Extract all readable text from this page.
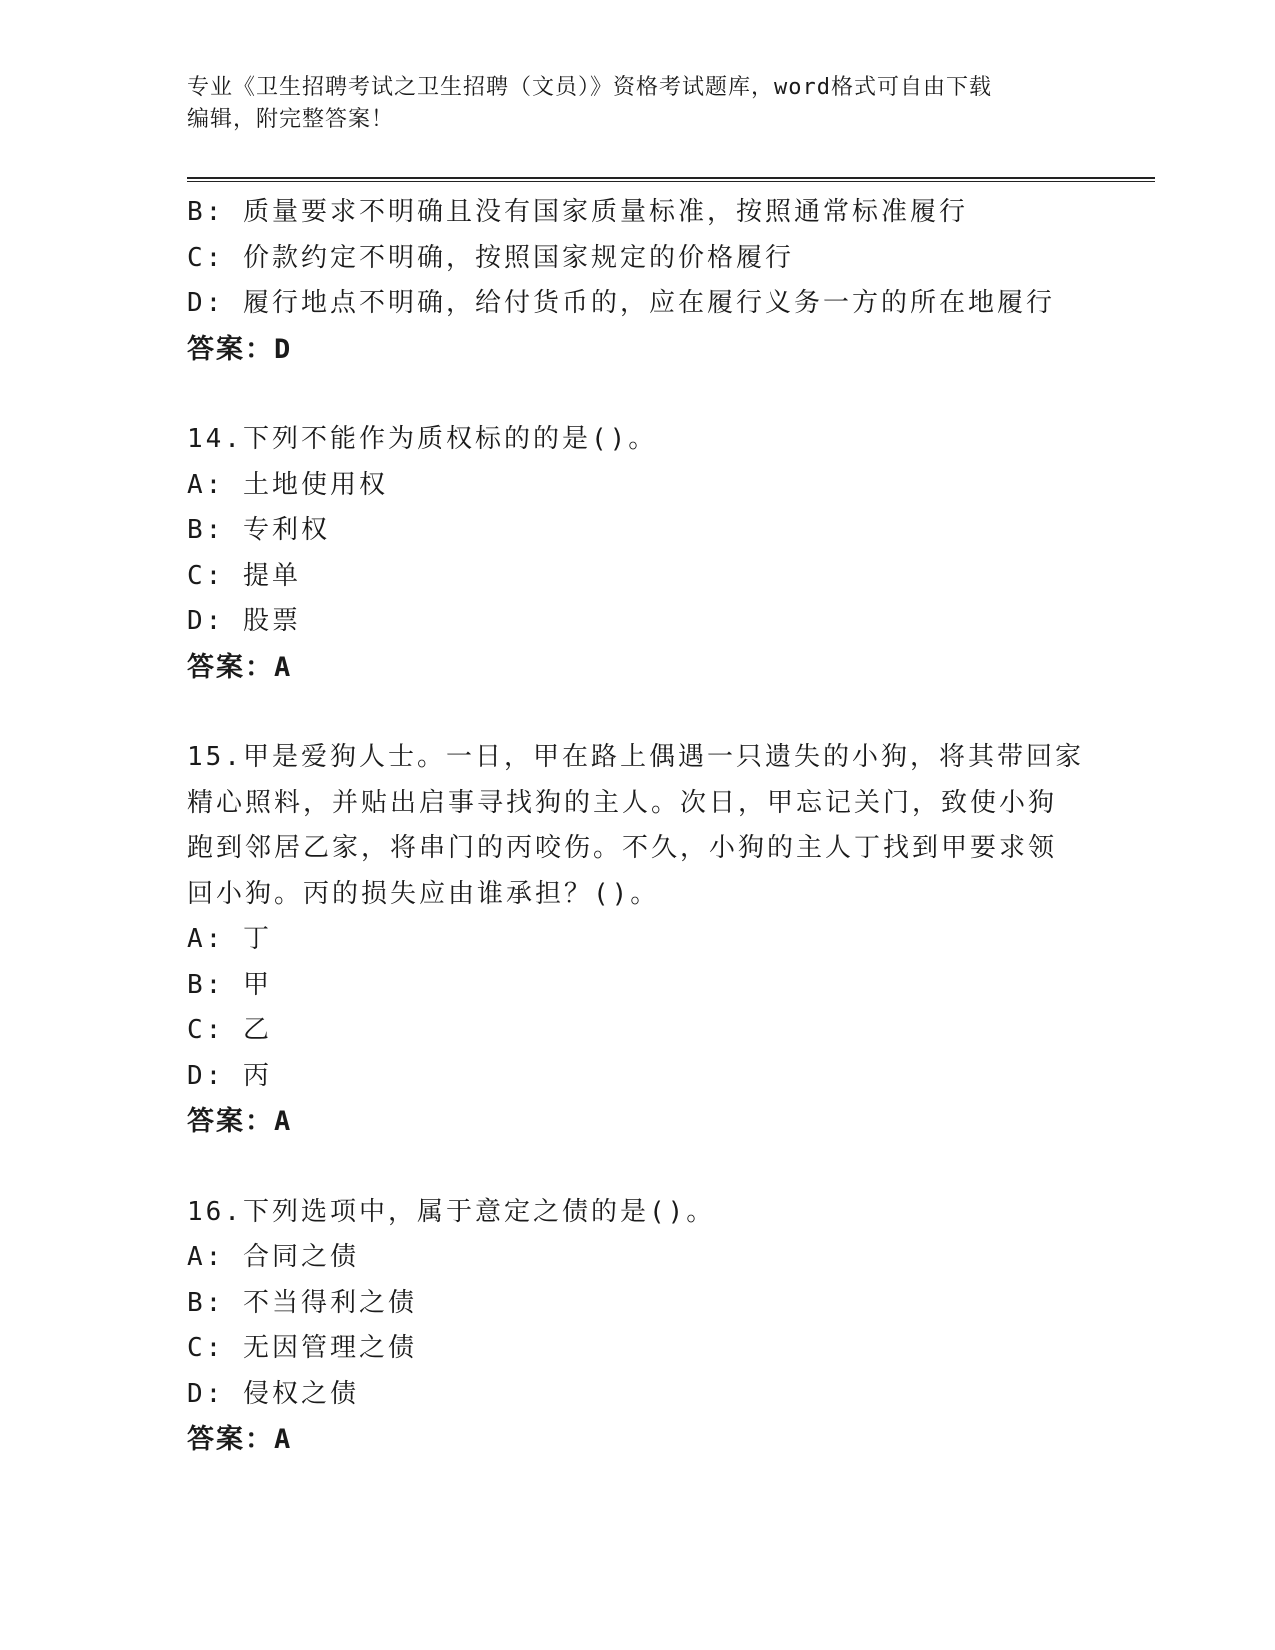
专业《卫生招聘考试之卫生招聘（文员）》资格考试题库，word格式可自由下载
编辑，附完整答案！
B: 质量要求不明确且没有国家质量标准，按照通常标准履行
C: 价款约定不明确，按照国家规定的价格履行
D: 履行地点不明确，给付货币的，应在履行义务一方的所在地履行
答案：D
14.下列不能作为质权标的的是()。
A: 土地使用权
B: 专利权
C: 提单
D: 股票
答案：A
15.甲是爱狗人士。一日，甲在路上偶遇一只遗失的小狗，将其带回家
精心照料，并贴出启事寻找狗的主人。次日，甲忘记关门，致使小狗
跑到邻居乙家，将串门的丙咬伤。不久，小狗的主人丁找到甲要求领
回小狗。丙的损失应由谁承担？()。
A: 丁
B: 甲
C: 乙
D: 丙
答案：A
16.下列选项中，属于意定之债的是()。
A: 合同之债
B: 不当得利之债
C: 无因管理之债
D: 侵权之债
答案：A
